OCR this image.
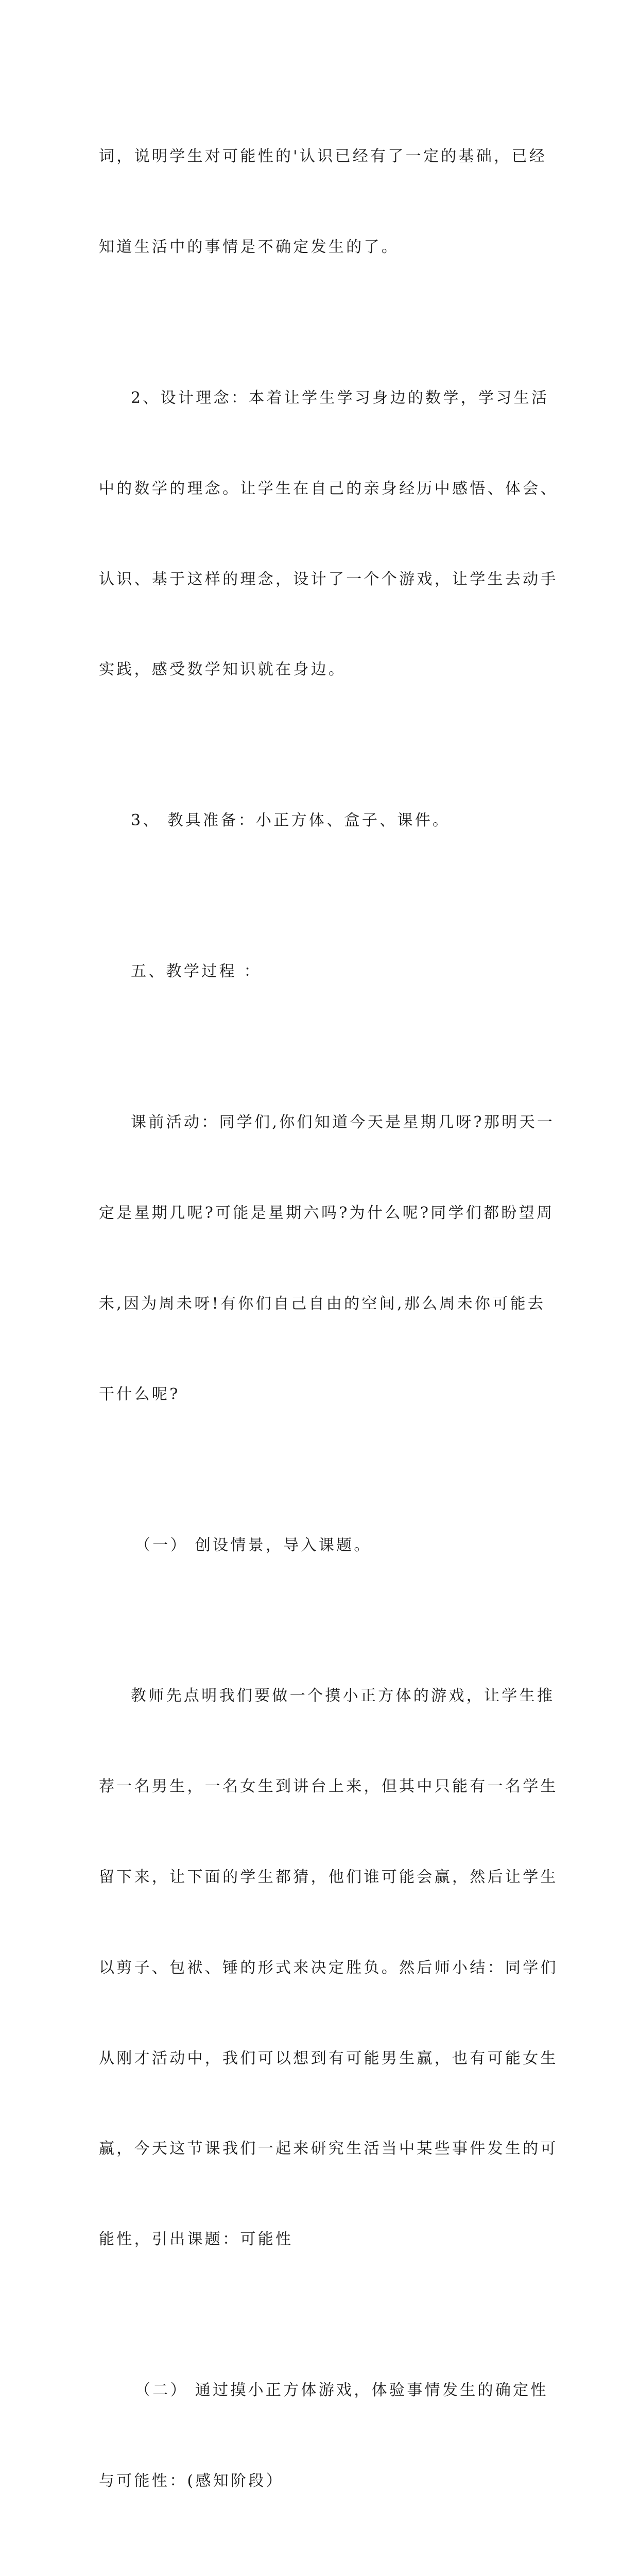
词，说明学生对可能性的'认识已经有了一定的基础，已经

知道生活中的事情是不确定发生的了。

2、设计理念：本着让学生学习身边的数学，学习生活

中的数学的理念。让学生在自己的亲身经历中感悟、体会、

认识、基于这样的理念，设计了一个个游戏，让学生去动手

实践，感受数学知识就在身边。

3、 教具准备：小正方体、盒子、课件。

五、教学过程 ：

课前活动：同学们,你们知道今天是星期几呀?那明天一

定是星期几呢?可能是星期六吗?为什么呢?同学们都盼望周

未,因为周未呀!有你们自己自由的空间,那么周未你可能去

干什么呢?

（一） 创设情景，导入课题。

教师先点明我们要做一个摸小正方体的游戏，让学生推

荐一名男生，一名女生到讲台上来，但其中只能有一名学生

留下来，让下面的学生都猜，他们谁可能会赢，然后让学生

以剪子、包袱、锤的形式来决定胜负。然后师小结：同学们

从刚才活动中，我们可以想到有可能男生赢，也有可能女生

赢，今天这节课我们一起来研究生活当中某些事件发生的可

能性，引出课题：可能性

（二） 通过摸小正方体游戏，体验事情发生的确定性

与可能性：(感知阶段）
